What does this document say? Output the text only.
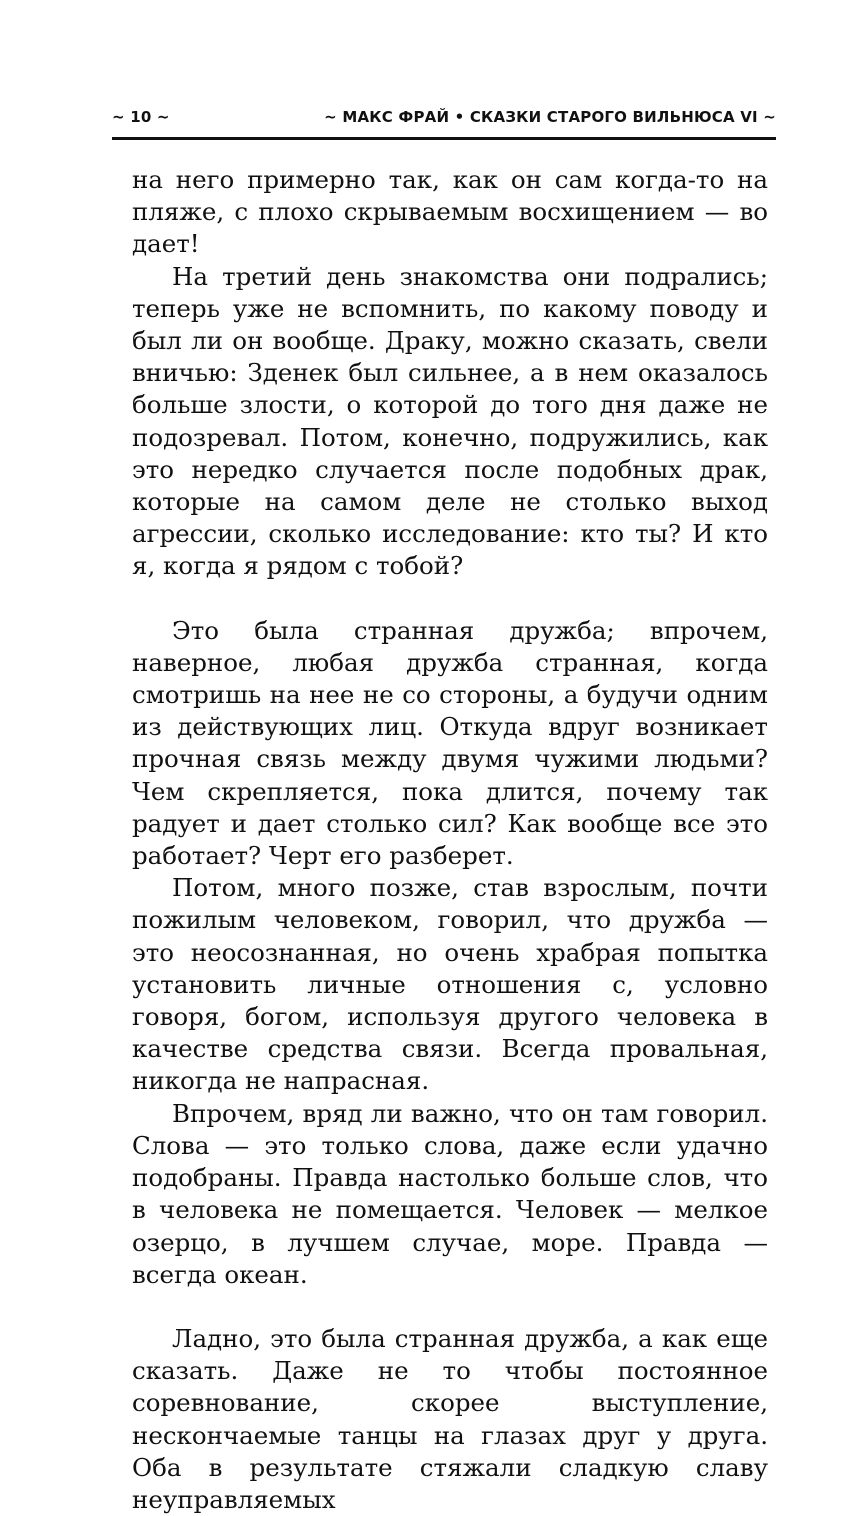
~ 10 ~	~ МАКС ФРАЙ • СКАЗКИ СТАРОГО ВИЛЬНЮСА VI ~

на него примерно так, как он сам когда-то на пляже, с плохо скрываемым восхищением — во дает!

На третий день знакомства они подрались; теперь уже не вспомнить, по какому поводу и был ли он вообще. Драку, можно сказать, свели вничью: Зденек был сильнее, а в нем оказалось больше злости, о которой до того дня даже не подозревал. Потом, конечно, подружились, как это нередко случается после подобных драк, которые на самом деле не столько выход агрессии, сколько исследование: кто ты? И кто я, когда я рядом с тобой?

Это была странная дружба; впрочем, наверное, любая дружба странная, когда смотришь на нее не со стороны, а будучи одним из действующих лиц. Откуда вдруг возникает прочная связь между двумя чужими людьми? Чем скрепляется, пока длится, почему так радует и дает столько сил? Как вообще все это работает? Черт его разберет.

Потом, много позже, став взрослым, почти пожилым человеком, говорил, что дружба — это неосознанная, но очень храбрая попытка установить личные отношения с, условно говоря, богом, используя другого человека в качестве средства связи. Всегда провальная, никогда не напрасная.

Впрочем, вряд ли важно, что он там говорил. Слова — это только слова, даже если удачно подобраны. Правда настолько больше слов, что в человека не помещается. Человек — мелкое озерцо, в лучшем случае, море. Правда — всегда океан.

Ладно, это была странная дружба, а как еще сказать. Даже не то чтобы постоянное соревнование, скорее выступление, нескончаемые танцы на глазах друг у друга. Оба в результате стяжали сладкую славу неуправляемых
